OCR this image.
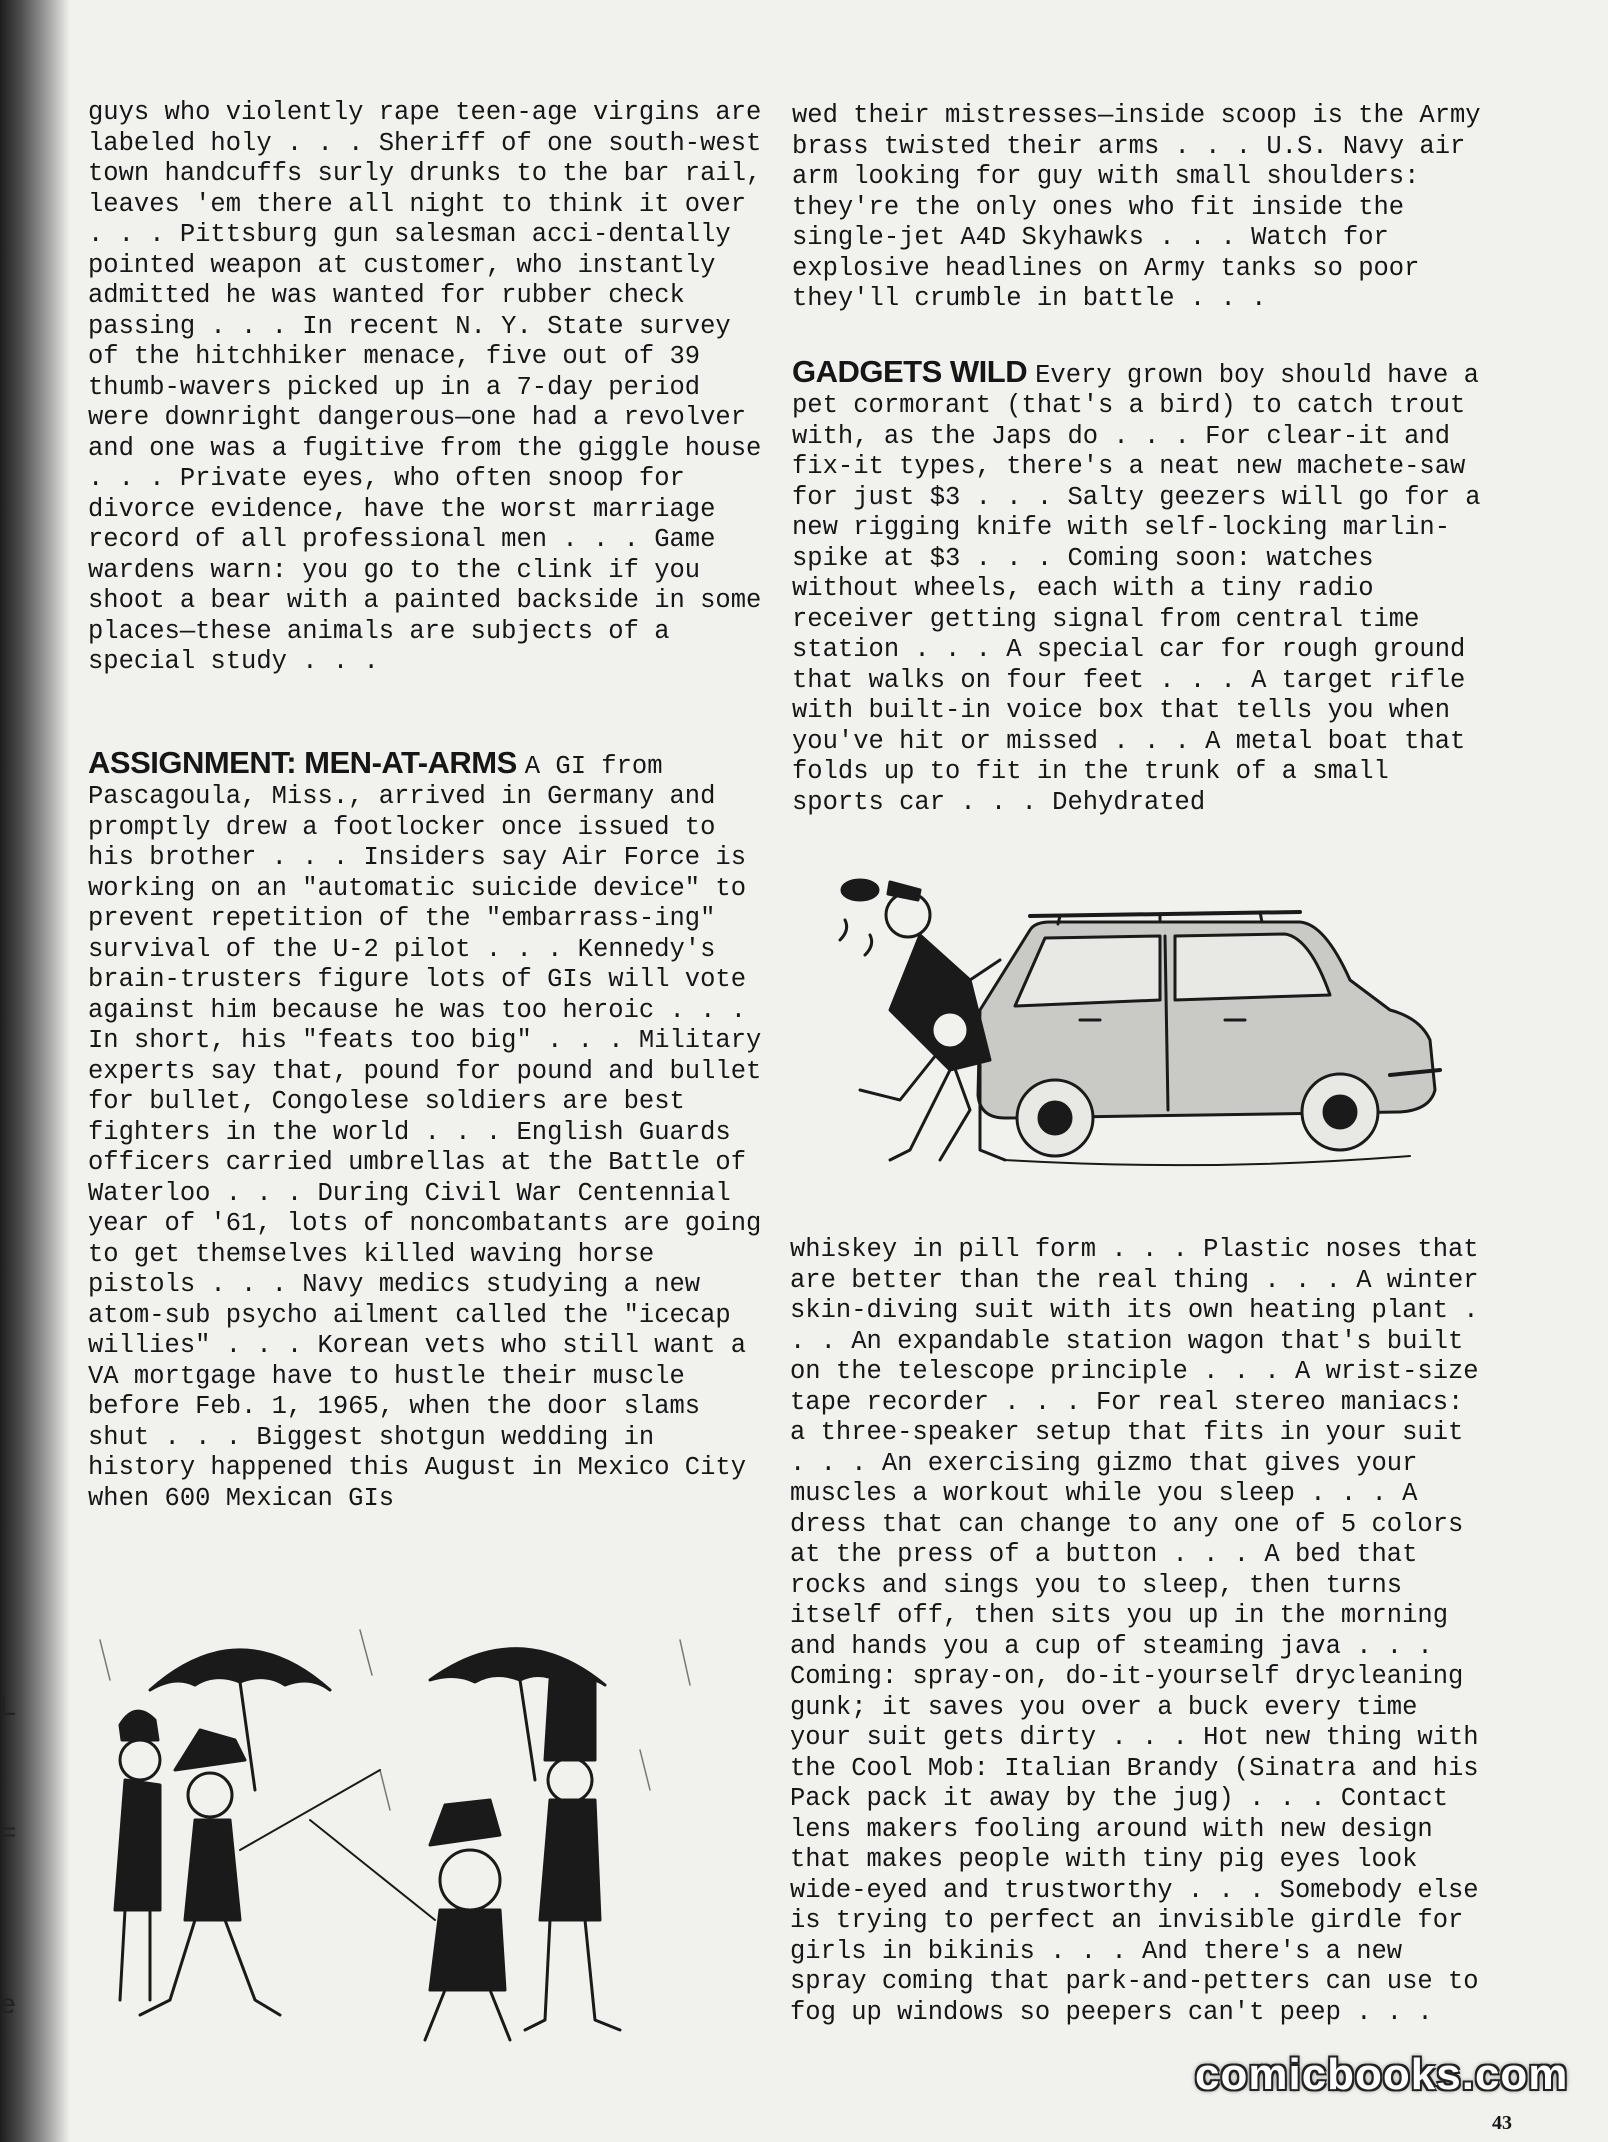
L
=
e

guys who violently rape teen-age virgins are labeled holy . . . Sheriff of one south-west town handcuffs surly drunks to the bar rail, leaves 'em there all night to think it over . . . Pittsburg gun salesman acci-dentally pointed weapon at customer, who instantly admitted he was wanted for rubber check passing . . . In recent N. Y. State survey of the hitchhiker menace, five out of 39 thumb-wavers picked up in a 7-day period were downright dangerous—one had a revolver and one was a fugitive from the giggle house . . . Private eyes, who often snoop for divorce evidence, have the worst marriage record of all professional men . . . Game wardens warn: you go to the clink if you shoot a bear with a painted backside in some places—these animals are subjects of a special study . . .

ASSIGNMENT: MEN-AT-ARMS A GI from Pascagoula, Miss., arrived in Germany and promptly drew a footlocker once issued to his brother . . . Insiders say Air Force is working on an "automatic suicide device" to prevent repetition of the "embarrass-ing" survival of the U-2 pilot . . . Kennedy's brain-trusters figure lots of GIs will vote against him because he was too heroic . . . In short, his "feats too big" . . . Military experts say that, pound for pound and bullet for bullet, Congolese soldiers are best fighters in the world . . . English Guards officers carried umbrellas at the Battle of Waterloo . . . During Civil War Centennial year of '61, lots of noncombatants are going to get themselves killed waving horse pistols . . . Navy medics studying a new atom-sub psycho ailment called the "icecap willies" . . . Korean vets who still want a VA mortgage have to hustle their muscle before Feb. 1, 1965, when the door slams shut . . . Biggest shotgun wedding in history happened this August in Mexico City when 600 Mexican GIs

wed their mistresses—inside scoop is the Army brass twisted their arms . . . U.S. Navy air arm looking for guy with small shoulders: they're the only ones who fit inside the single-jet A4D Skyhawks . . . Watch for explosive headlines on Army tanks so poor they'll crumble in battle . . .

GADGETS WILD Every grown boy should have a pet cormorant (that's a bird) to catch trout with, as the Japs do . . . For clear-it and fix-it types, there's a neat new machete-saw for just $3 . . . Salty geezers will go for a new rigging knife with self-locking marlin-spike at $3 . . . Coming soon: watches without wheels, each with a tiny radio receiver getting signal from central time station . . . A special car for rough ground that walks on four feet . . . A target rifle with built-in voice box that tells you when you've hit or missed . . . A metal boat that folds up to fit in the trunk of a small sports car . . . Dehydrated

whiskey in pill form . . . Plastic noses that are better than the real thing . . . A winter skin-diving suit with its own heating plant . . . An expandable station wagon that's built on the telescope principle . . . A wrist-size tape recorder . . . For real stereo maniacs: a three-speaker setup that fits in your suit . . . An exercising gizmo that gives your muscles a workout while you sleep . . . A dress that can change to any one of 5 colors at the press of a button . . . A bed that rocks and sings you to sleep, then turns itself off, then sits you up in the morning and hands you a cup of steaming java . . . Coming: spray-on, do-it-yourself drycleaning gunk; it saves you over a buck every time your suit gets dirty . . . Hot new thing with the Cool Mob: Italian Brandy (Sinatra and his Pack pack it away by the jug) . . . Contact lens makers fooling around with new design that makes people with tiny pig eyes look wide-eyed and trustworthy . . . Somebody else is trying to perfect an invisible girdle for girls in bikinis . . . And there's a new spray coming that park-and-petters can use to fog up windows so peepers can't peep . . .

comicbooks.com
43
